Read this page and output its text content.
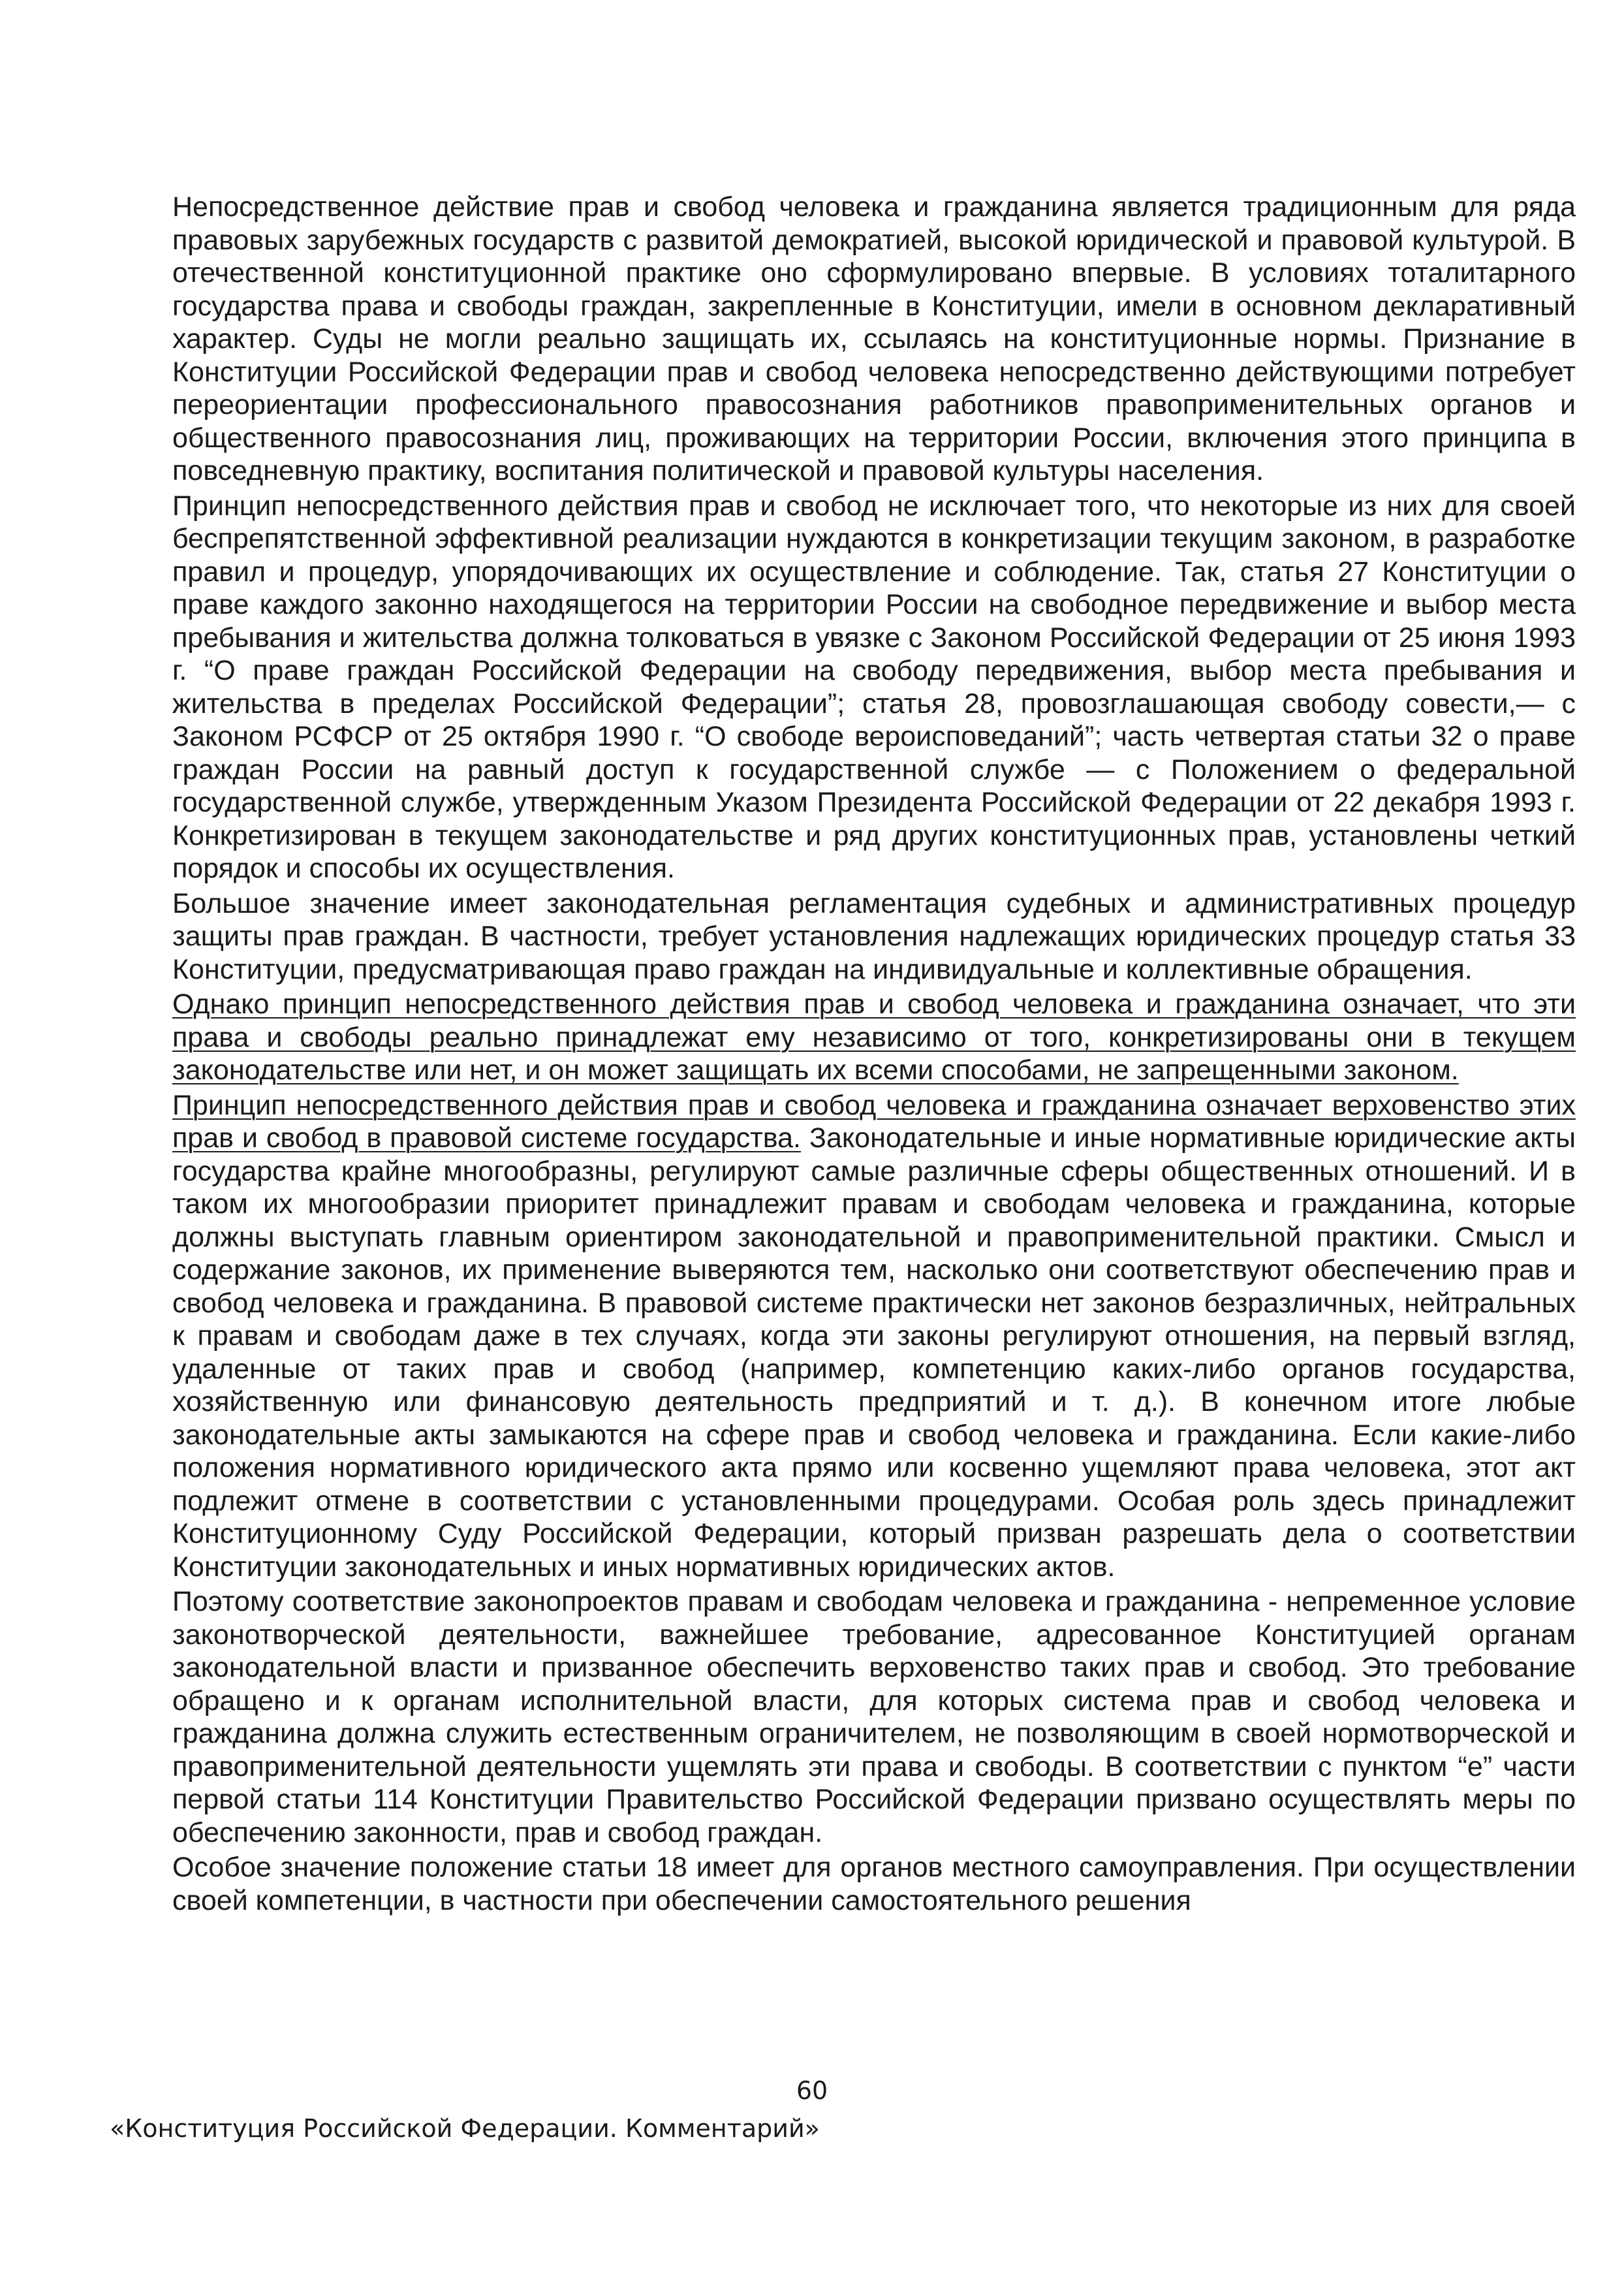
Непосредственное действие прав и свобод человека и гражданина является традиционным для ряда правовых зарубежных государств с развитой демократией, высокой юридической и правовой культурой. В отечественной конституционной практике оно сформулировано впервые. В условиях тоталитарного государства права и свободы граждан, закрепленные в Конституции, имели в основном декларативный характер. Суды не могли реально защищать их, ссылаясь на конституционные нормы. Признание в Конституции Российской Федерации прав и свобод человека непосредственно действующими потребует переориентации профессионального правосознания работников правоприменительных органов и общественного правосознания лиц, проживающих на территории России, включения этого принципа в повседневную практику, воспитания политической и правовой культуры населения.

Принцип непосредственного действия прав и свобод не исключает того, что некоторые из них для своей беспрепятственной эффективной реализации нуждаются в конкретизации текущим законом, в разработке правил и процедур, упорядочивающих их осуществление и соблюдение. Так, статья 27 Конституции о праве каждого законно находящегося на территории России на свободное передвижение и выбор места пребывания и жительства должна толковаться в увязке с Законом Российской Федерации от 25 июня 1993 г. “О праве граждан Российской Федерации на свободу передвижения, выбор места пребывания и жительства в пределах Российской Федерации”; статья 28, провозглашающая свободу совести,— с Законом РСФСР от 25 октября 1990 г. “О свободе вероисповеданий”; часть четвертая статьи 32 о праве граждан России на равный доступ к государственной службе — с Положением о федеральной государственной службе, утвержденным Указом Президента Российской Федерации от 22 декабря 1993 г. Конкретизирован в текущем законодательстве и ряд других конституционных прав, установлены четкий порядок и способы их осуществления.

Большое значение имеет законодательная регламентация судебных и административных процедур защиты прав граждан. В частности, требует установления надлежащих юридических процедур статья 33 Конституции, предусматривающая право граждан на индивидуальные и коллективные обращения.

Однако принцип непосредственного действия прав и свобод человека и гражданина означает, что эти права и свободы реально принадлежат ему независимо от того, конкретизированы они в текущем законодательстве или нет, и он может защищать их всеми способами, не запрещенными законом.

Принцип непосредственного действия прав и свобод человека и гражданина означает верховенство этих прав и свобод в правовой системе государства. Законодательные и иные нормативные юридические акты государства крайне многообразны, регулируют самые различные сферы общественных отношений. И в таком их многообразии приоритет принадлежит правам и свободам человека и гражданина, которые должны выступать главным ориентиром законодательной и правоприменительной практики. Смысл и содержание законов, их применение выверяются тем, насколько они соответствуют обеспечению прав и свобод человека и гражданина. В правовой системе практически нет законов безразличных, нейтральных к правам и свободам даже в тех случаях, когда эти законы регулируют отношения, на первый взгляд, удаленные от таких прав и свобод (например, компетенцию каких-либо органов государства, хозяйственную или финансовую деятельность предприятий и т. д.). В конечном итоге любые законодательные акты замыкаются на сфере прав и свобод человека и гражданина. Если какие-либо положения нормативного юридического акта прямо или косвенно ущемляют права человека, этот акт подлежит отмене в соответствии с установленными процедурами. Особая роль здесь принадлежит Конституционному Суду Российской Федерации, который призван разрешать дела о соответствии Конституции законодательных и иных нормативных юридических актов.

Поэтому соответствие законопроектов правам и свободам человека и гражданина - непременное условие законотворческой деятельности, важнейшее требование, адресованное Конституцией органам законодательной власти и призванное обеспечить верховенство таких прав и свобод. Это требование обращено и к органам исполнительной власти, для которых система прав и свобод человека и гражданина должна служить естественным ограничителем, не позволяющим в своей нормотворческой и правоприменительной деятельности ущемлять эти права и свободы. В соответствии с пунктом “е” части первой статьи 114 Конституции Правительство Российской Федерации призвано осуществлять меры по обеспечению законности, прав и свобод граждан.

Особое значение положение статьи 18 имеет для органов местного самоуправления. При осуществлении своей компетенции, в частности при обеспечении самостоятельного решения

60
«Конституция Российской Федерации. Комментарий»
